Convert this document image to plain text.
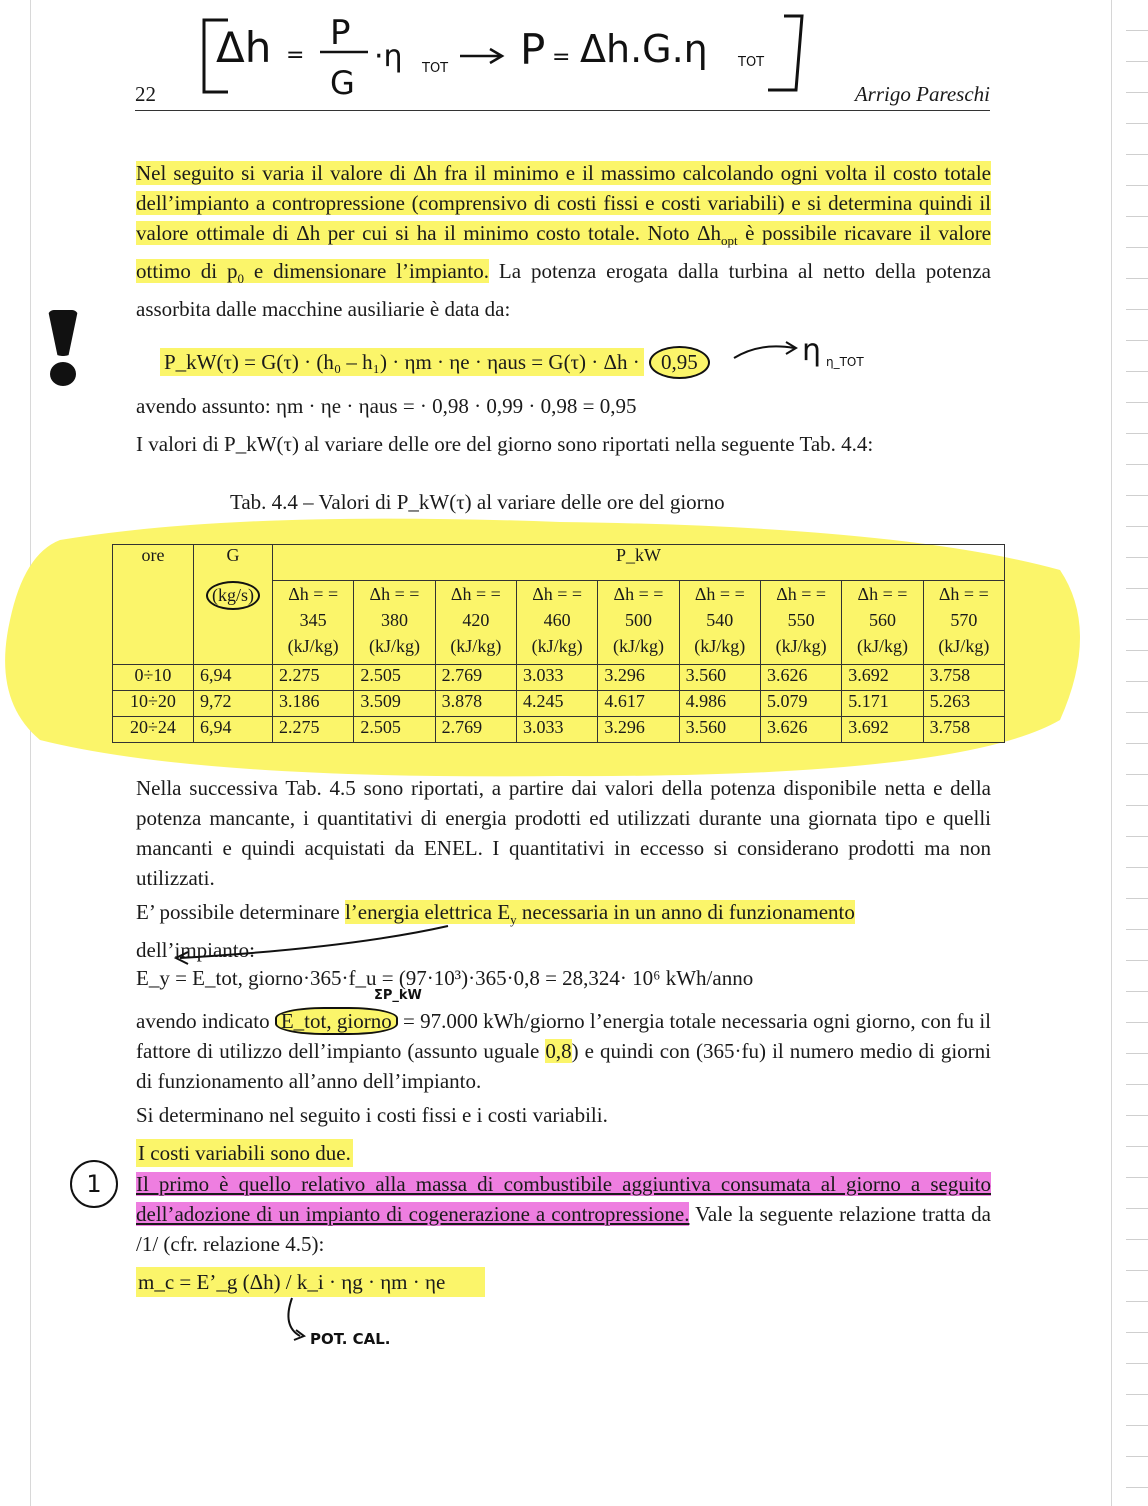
Δh =
P
G
·η TOT P = Δh.G.η TOT
22	Arrigo Pareschi
Nel seguito si varia il valore di Δh fra il minimo e il massimo calcolando ogni volta il costo totale dell’impianto a contropressione (comprensivo di costi fissi e costi variabili) e si determina quindi il valore ottimale di Δh per cui si ha il minimo costo totale. Noto $\Delta h_{opt}$ è possibile ricavare il valore ottimo di $p_0$ e dimensionare l’impianto. La potenza erogata dalla turbina al netto della potenza assorbita dalle macchine ausiliarie è data da:
P_kW(τ) = G(τ) · (h₀ – h₁) · ηm · ηe · ηaus = G(τ) · Δh · 0,95	η η_TOT
avendo assunto: ηm · ηe · ηaus = · 0,98 · 0,99 · 0,98 = 0,95
I valori di P_kW(τ) al variare delle ore del giorno sono riportati nella seguente Tab. 4.4:
Tab. 4.4 – Valori di P_kW(τ) al variare delle ore del giorno
ore	G	P_kW								
	(kg/s)	Δh = = 345 (kJ/kg)	Δh = = 380 (kJ/kg)	Δh = = 420 (kJ/kg)	Δh = = 460 (kJ/kg)	Δh = = 500 (kJ/kg)	Δh = = 540 (kJ/kg)	Δh = = 550 (kJ/kg)	Δh = = 560 (kJ/kg)	Δh = = 570 (kJ/kg)
0÷10	6,94	2.275	2.505	2.769	3.033	3.296	3.560	3.626	3.692	3.758
10÷20	9,72	3.186	3.509	3.878	4.245	4.617	4.986	5.079	5.171	5.263
20÷24	6,94	2.275	2.505	2.769	3.033	3.296	3.560	3.626	3.692	3.758
Nella successiva Tab. 4.5 sono riportati, a partire dai valori della potenza disponibile netta e della potenza mancante, i quantitativi di energia prodotti ed utilizzati durante una giornata tipo e quelli mancanti e quindi acquistati da ENEL. I quantitativi in eccesso si considerano prodotti ma non utilizzati.
E’ possibile determinare l’energia elettrica $E_y$ necessaria in un anno di funzionamento
dell’impianto:
E_y = E_tot, giorno·365·f_u = (97·10³)·365·0,8 = 28,324· 10⁶ kWh/anno
avendo indicato E_tot, giorno = 97.000 kWh/giorno l’energia totale necessaria ogni giorno, con fu il fattore di utilizzo dell’impianto (assunto uguale 0,8) e quindi con (365·fu) il numero medio di giorni di funzionamento all’anno dell’impianto.
ΣP_kW
Si determinano nel seguito i costi fissi e i costi variabili.
I costi variabili sono due.
1	Il primo è quello relativo alla massa di combustibile aggiuntiva consumata al giorno a seguito dell’adozione di un impianto di cogenerazione a contropressione. Vale la seguente relazione tratta da /1/ (cfr. relazione 4.5):
m_c = E’_g (Δh) / k_i · ηg · ηm · ηe
POT. CAL.
